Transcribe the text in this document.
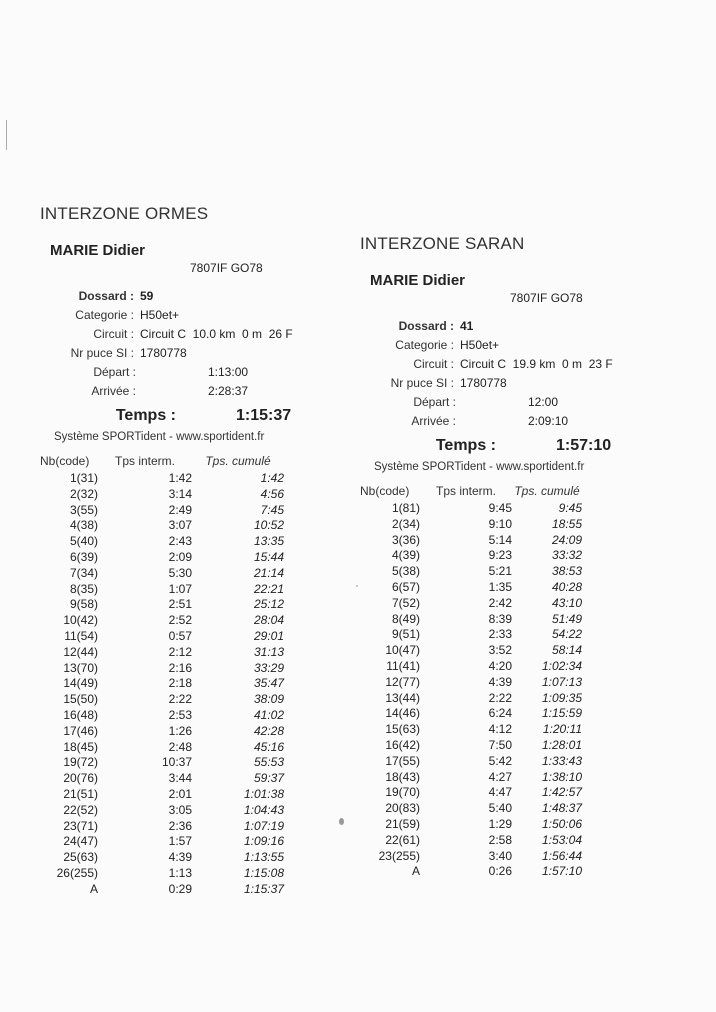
INTERZONE ORMES
MARIE Didier
7807IF GO78
Dossard : 59
Categorie : H50et+
Circuit : Circuit C  10.0 km  0 m  26 F
Nr puce SI : 1780778
Départ :	1:13:00
Arrivée :	2:28:37
Temps :	1:15:37
Système SPORTident - www.sportident.fr
Nb(code)	Tps interm.	Tps. cumulé
1(31)	1:42	1:42
2(32)	3:14	4:56
3(55)	2:49	7:45
4(38)	3:07	10:52
5(40)	2:43	13:35
6(39)	2:09	15:44
7(34)	5:30	21:14
8(35)	1:07	22:21
9(58)	2:51	25:12
10(42)	2:52	28:04
11(54)	0:57	29:01
12(44)	2:12	31:13
13(70)	2:16	33:29
14(49)	2:18	35:47
15(50)	2:22	38:09
16(48)	2:53	41:02
17(46)	1:26	42:28
18(45)	2:48	45:16
19(72)	10:37	55:53
20(76)	3:44	59:37
21(51)	2:01	1:01:38
22(52)	3:05	1:04:43
23(71)	2:36	1:07:19
24(47)	1:57	1:09:16
25(63)	4:39	1:13:55
26(255)	1:13	1:15:08
A	0:29	1:15:37
INTERZONE SARAN
MARIE Didier
7807IF GO78
Dossard : 41
Categorie : H50et+
Circuit : Circuit C  19.9 km  0 m  23 F
Nr puce SI : 1780778
Départ :	12:00
Arrivée :	2:09:10
Temps :	1:57:10
Système SPORTident - www.sportident.fr
Nb(code)	Tps interm.	Tps. cumulé
1(81)	9:45	9:45
2(34)	9:10	18:55
3(36)	5:14	24:09
4(39)	9:23	33:32
5(38)	5:21	38:53
6(57)	1:35	40:28
7(52)	2:42	43:10
8(49)	8:39	51:49
9(51)	2:33	54:22
10(47)	3:52	58:14
11(41)	4:20	1:02:34
12(77)	4:39	1:07:13
13(44)	2:22	1:09:35
14(46)	6:24	1:15:59
15(63)	4:12	1:20:11
16(42)	7:50	1:28:01
17(55)	5:42	1:33:43
18(43)	4:27	1:38:10
19(70)	4:47	1:42:57
20(83)	5:40	1:48:37
21(59)	1:29	1:50:06
22(61)	2:58	1:53:04
23(255)	3:40	1:56:44
A	0:26	1:57:10
